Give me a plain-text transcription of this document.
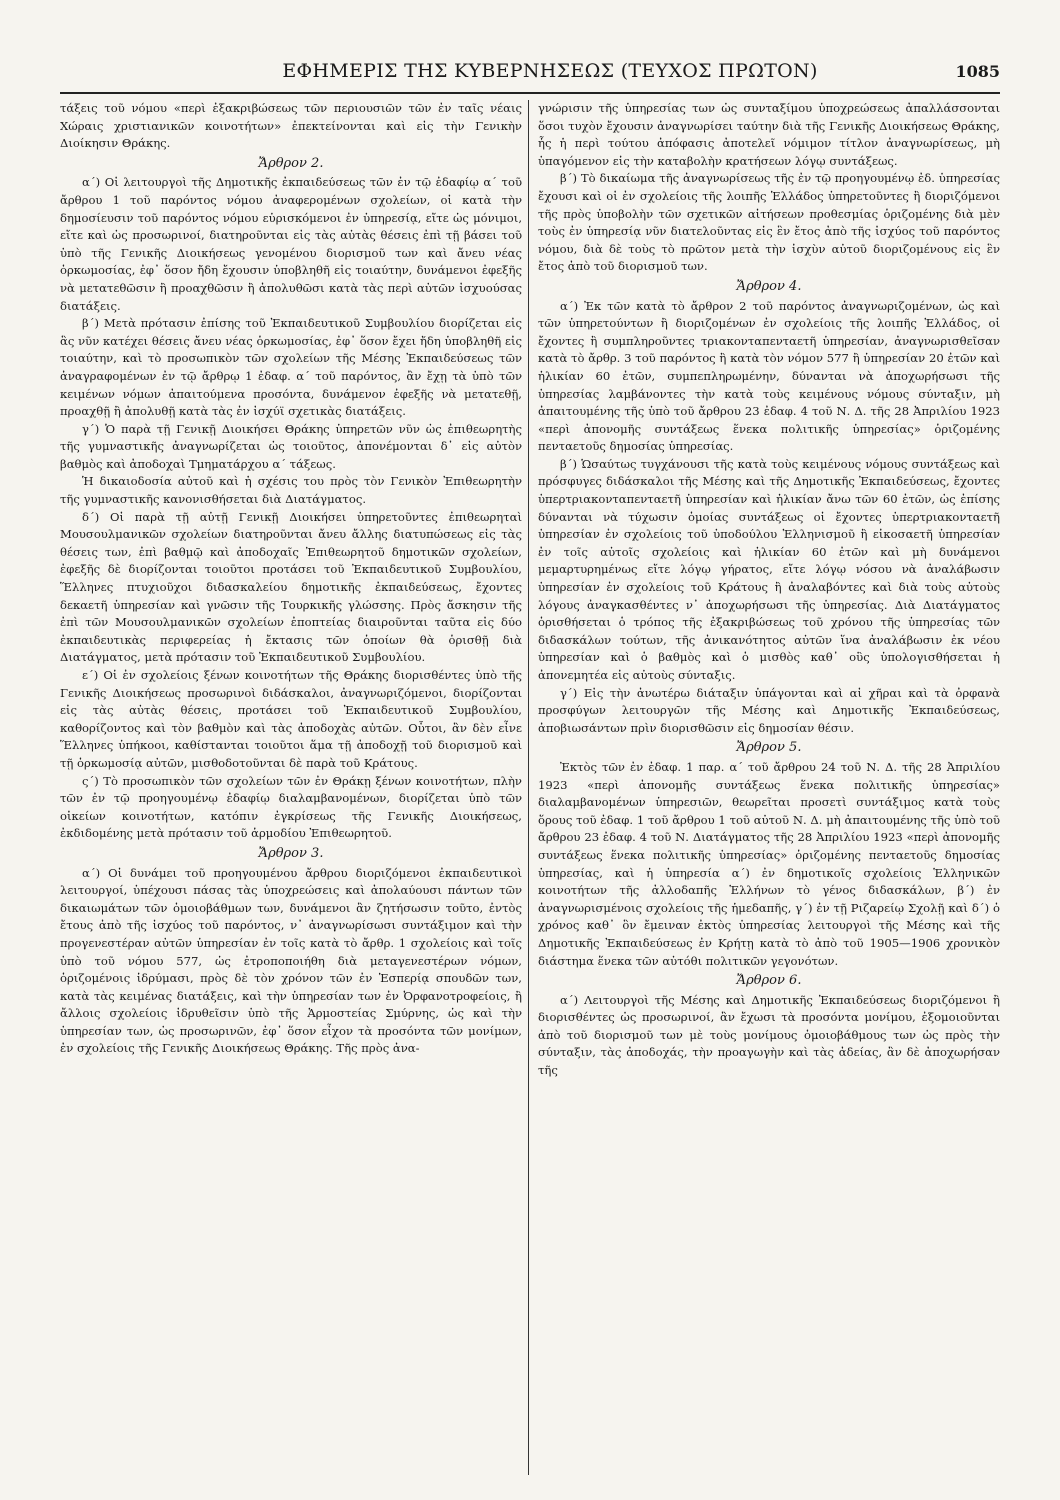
ΕΦΗΜΕΡΙΣ ΤΗΣ ΚΥΒΕΡΝΗΣΕΩΣ (ΤΕΥΧΟΣ ΠΡΩΤΟΝ)	1085

τάξεις τοῦ νόμου «περὶ ἐξακριβώσεως τῶν περιουσιῶν τῶν ἐν ταῖς νέαις Χώραις χριστιανικῶν κοινοτήτων» ἐπεκτείνονται καὶ εἰς τὴν Γενικὴν Διοίκησιν Θράκης.

Ἄρθρον 2.

α΄) Οἱ λειτουργοὶ τῆς Δημοτικῆς ἐκπαιδεύσεως τῶν ἐν τῷ ἐδαφίῳ α΄ τοῦ ἄρθρου 1 τοῦ παρόντος νόμου ἀναφερομένων σχολείων, οἱ κατὰ τὴν δημοσίευσιν τοῦ παρόντος νόμου εὑρισκόμενοι ἐν ὑπηρεσίᾳ, εἴτε ὡς μόνιμοι, εἴτε καὶ ὡς προσωρινοί, διατηροῦνται εἰς τὰς αὐτὰς θέσεις ἐπὶ τῇ βάσει τοῦ ὑπὸ τῆς Γενικῆς Διοικήσεως γενομένου διορισμοῦ των καὶ ἄνευ νέας ὁρκωμοσίας, ἐφ᾽ ὅσον ἤδη ἔχουσιν ὑποβληθῆ εἰς τοιαύτην, δυνάμενοι ἐφεξῆς νὰ μετατεθῶσιν ἢ προαχθῶσιν ἢ ἀπολυθῶσι κατὰ τὰς περὶ αὐτῶν ἰσχυούσας διατάξεις.

β΄) Μετὰ πρότασιν ἐπίσης τοῦ Ἐκπαιδευτικοῦ Συμβουλίου διορίζεται εἰς ἃς νῦν κατέχει θέσεις ἄνευ νέας ὁρκωμοσίας, ἐφ᾽ ὅσον ἔχει ἤδη ὑποβληθῆ εἰς τοιαύτην, καὶ τὸ προσωπικὸν τῶν σχολείων τῆς Μέσης Ἐκπαιδεύσεως τῶν ἀναγραφομένων ἐν τῷ ἄρθρῳ 1 ἐδαφ. α΄ τοῦ παρόντος, ἂν ἔχῃ τὰ ὑπὸ τῶν κειμένων νόμων ἀπαιτούμενα προσόντα, δυνάμενον ἐφεξῆς νὰ μετατεθῇ, προαχθῇ ἢ ἀπολυθῇ κατὰ τὰς ἐν ἰσχύϊ σχετικὰς διατάξεις.

γ΄) Ὁ παρὰ τῇ Γενικῇ Διοικήσει Θράκης ὑπηρετῶν νῦν ὡς ἐπιθεωρητὴς τῆς γυμναστικῆς ἀναγνωρίζεται ὡς τοιοῦτος, ἀπονέμονται δ᾽ εἰς αὐτὸν βαθμὸς καὶ ἀποδοχαὶ Τμηματάρχου α΄ τάξεως.

Ἡ δικαιοδοσία αὐτοῦ καὶ ἡ σχέσις του πρὸς τὸν Γενικὸν Ἐπιθεωρητὴν τῆς γυμναστικῆς κανονισθήσεται διὰ Διατάγματος.

δ΄) Οἱ παρὰ τῇ αὐτῇ Γενικῇ Διοικήσει ὑπηρετοῦντες ἐπιθεωρηταὶ Μουσουλμανικῶν σχολείων διατηροῦνται ἄνευ ἄλλης διατυπώσεως εἰς τὰς θέσεις των, ἐπὶ βαθμῷ καὶ ἀποδοχαῖς Ἐπιθεωρητοῦ δημοτικῶν σχολείων, ἐφεξῆς δὲ διορίζονται τοιοῦτοι προτάσει τοῦ Ἐκπαιδευτικοῦ Συμβουλίου, Ἕλληνες πτυχιοῦχοι διδασκαλείου δημοτικῆς ἐκπαιδεύσεως, ἔχοντες δεκαετῆ ὑπηρεσίαν καὶ γνῶσιν τῆς Τουρκικῆς γλώσσης. Πρὸς ἄσκησιν τῆς ἐπὶ τῶν Μουσουλμανικῶν σχολείων ἐποπτείας διαιροῦνται ταῦτα εἰς δύο ἐκπαιδευτικὰς περιφερείας ἡ ἔκτασις τῶν ὁποίων θὰ ὁρισθῇ διὰ Διατάγματος, μετὰ πρότασιν τοῦ Ἐκπαιδευτικοῦ Συμβουλίου.

ε΄) Οἱ ἐν σχολείοις ξένων κοινοτήτων τῆς Θράκης διορισθέντες ὑπὸ τῆς Γενικῆς Διοικήσεως προσωρινοὶ διδάσκαλοι, ἀναγνωριζόμενοι, διορίζονται εἰς τὰς αὐτὰς θέσεις, προτάσει τοῦ Ἐκπαιδευτικοῦ Συμβουλίου, καθορίζοντος καὶ τὸν βαθμὸν καὶ τὰς ἀποδοχὰς αὐτῶν. Οὗτοι, ἂν δὲν εἶνε Ἕλληνες ὑπήκοοι, καθίστανται τοιοῦτοι ἅμα τῇ ἀποδοχῇ τοῦ διορισμοῦ καὶ τῇ ὁρκωμοσίᾳ αὐτῶν, μισθοδοτοῦνται δὲ παρὰ τοῦ Κράτους.

ς΄) Τὸ προσωπικὸν τῶν σχολείων τῶν ἐν Θράκῃ ξένων κοινοτήτων, πλὴν τῶν ἐν τῷ προηγουμένῳ ἐδαφίῳ διαλαμβανομένων, διορίζεται ὑπὸ τῶν οἰκείων κοινοτήτων, κατόπιν ἐγκρίσεως τῆς Γενικῆς Διοικήσεως, ἐκδιδομένης μετὰ πρότασιν τοῦ ἁρμοδίου Ἐπιθεωρητοῦ.

Ἄρθρον 3.

α΄) Οἱ δυνάμει τοῦ προηγουμένου ἄρθρου διοριζόμενοι ἐκπαιδευτικοὶ λειτουργοί, ὑπέχουσι πάσας τὰς ὑποχρεώσεις καὶ ἀπολαύουσι πάντων τῶν δικαιωμάτων τῶν ὁμοιοβάθμων των, δυνάμενοι ἂν ζητήσωσιν τοῦτο, ἐντὸς ἔτους ἀπὸ τῆς ἰσχύος τοῦ παρόντος, ν᾽ ἀναγνωρίσωσι συντάξιμον καὶ τὴν προγενεστέραν αὐτῶν ὑπηρεσίαν ἐν τοῖς κατὰ τὸ ἄρθρ. 1 σχολείοις καὶ τοῖς ὑπὸ τοῦ νόμου 577, ὡς ἐτροποποιήθη διὰ μεταγενεστέρων νόμων, ὁριζομένοις ἱδρύμασι, πρὸς δὲ τὸν χρόνον τῶν ἐν Ἑσπερίᾳ σπουδῶν των, κατὰ τὰς κειμένας διατάξεις, καὶ τὴν ὑπηρεσίαν των ἐν Ὀρφανοτροφείοις, ἢ ἄλλοις σχολείοις ἱδρυθεῖσιν ὑπὸ τῆς Ἁρμοστείας Σμύρνης, ὡς καὶ τὴν ὑπηρεσίαν των, ὡς προσωρινῶν, ἐφ᾽ ὅσον εἶχον τὰ προσόντα τῶν μονίμων, ἐν σχολείοις τῆς Γενικῆς Διοικήσεως Θράκης. Τῆς πρὸς ἀνα-

γνώρισιν τῆς ὑπηρεσίας των ὡς συνταξίμου ὑποχρεώσεως ἀπαλλάσσονται ὅσοι τυχὸν ἔχουσιν ἀναγνωρίσει ταύτην διὰ τῆς Γενικῆς Διοικήσεως Θράκης, ἧς ἡ περὶ τούτου ἀπόφασις ἀποτελεῖ νόμιμον τίτλον ἀναγνωρίσεως, μὴ ὑπαγόμενον εἰς τὴν καταβολὴν κρατήσεων λόγῳ συντάξεως.

β΄) Τὸ δικαίωμα τῆς ἀναγνωρίσεως τῆς ἐν τῷ προηγουμένῳ ἐδ. ὑπηρεσίας ἔχουσι καὶ οἱ ἐν σχολείοις τῆς λοιπῆς Ἑλλάδος ὑπηρετοῦντες ἢ διοριζόμενοι τῆς πρὸς ὑποβολὴν τῶν σχετικῶν αἰτήσεων προθεσμίας ὁριζομένης διὰ μὲν τοὺς ἐν ὑπηρεσίᾳ νῦν διατελοῦντας εἰς ἓν ἔτος ἀπὸ τῆς ἰσχύος τοῦ παρόντος νόμου, διὰ δὲ τοὺς τὸ πρῶτον μετὰ τὴν ἰσχὺν αὐτοῦ διοριζομένους εἰς ἓν ἔτος ἀπὸ τοῦ διορισμοῦ των.

Ἄρθρον 4.

α΄) Ἐκ τῶν κατὰ τὸ ἄρθρον 2 τοῦ παρόντος ἀναγνωριζομένων, ὡς καὶ τῶν ὑπηρετούντων ἢ διοριζομένων ἐν σχολείοις τῆς λοιπῆς Ἑλλάδος, οἱ ἔχοντες ἢ συμπληροῦντες τριακονταπενταετῆ ὑπηρεσίαν, ἀναγνωρισθεῖσαν κατὰ τὸ ἄρθρ. 3 τοῦ παρόντος ἢ κατὰ τὸν νόμον 577 ἢ ὑπηρεσίαν 20 ἐτῶν καὶ ἡλικίαν 60 ἐτῶν, συμπεπληρωμένην, δύνανται νὰ ἀποχωρήσωσι τῆς ὑπηρεσίας λαμβάνοντες τὴν κατὰ τοὺς κειμένους νόμους σύνταξιν, μὴ ἀπαιτουμένης τῆς ὑπὸ τοῦ ἄρθρου 23 ἐδαφ. 4 τοῦ Ν. Δ. τῆς 28 Ἀπριλίου 1923 «περὶ ἀπονομῆς συντάξεως ἕνεκα πολιτικῆς ὑπηρεσίας» ὁριζομένης πενταετοῦς δημοσίας ὑπηρεσίας.

β΄) Ὡσαύτως τυγχάνουσι τῆς κατὰ τοὺς κειμένους νόμους συντάξεως καὶ πρόσφυγες διδάσκαλοι τῆς Μέσης καὶ τῆς Δημοτικῆς Ἐκπαιδεύσεως, ἔχοντες ὑπερτριακονταπενταετῆ ὑπηρεσίαν καὶ ἡλικίαν ἄνω τῶν 60 ἐτῶν, ὡς ἐπίσης δύνανται νὰ τύχωσιν ὁμοίας συντάξεως οἱ ἔχοντες ὑπερτριακονταετῆ ὑπηρεσίαν ἐν σχολείοις τοῦ ὑποδούλου Ἑλληνισμοῦ ἢ εἰκοσαετῆ ὑπηρεσίαν ἐν τοῖς αὐτοῖς σχολείοις καὶ ἡλικίαν 60 ἐτῶν καὶ μὴ δυνάμενοι μεμαρτυρημένως εἴτε λόγῳ γήρατος, εἴτε λόγῳ νόσου νὰ ἀναλάβωσιν ὑπηρεσίαν ἐν σχολείοις τοῦ Κράτους ἢ ἀναλαβόντες καὶ διὰ τοὺς αὐτοὺς λόγους ἀναγκασθέντες ν᾽ ἀποχωρήσωσι τῆς ὑπηρεσίας. Διὰ Διατάγματος ὁρισθήσεται ὁ τρόπος τῆς ἐξακριβώσεως τοῦ χρόνου τῆς ὑπηρεσίας τῶν διδασκάλων τούτων, τῆς ἀνικανότητος αὐτῶν ἵνα ἀναλάβωσιν ἐκ νέου ὑπηρεσίαν καὶ ὁ βαθμὸς καὶ ὁ μισθὸς καθ᾽ οὓς ὑπολογισθήσεται ἡ ἀπονεμητέα εἰς αὐτοὺς σύνταξις.

γ΄) Εἰς τὴν ἀνωτέρω διάταξιν ὑπάγονται καὶ αἱ χῆραι καὶ τὰ ὀρφανὰ προσφύγων λειτουργῶν τῆς Μέσης καὶ Δημοτικῆς Ἐκπαιδεύσεως, ἀποβιωσάντων πρὶν διορισθῶσιν εἰς δημοσίαν θέσιν.

Ἄρθρον 5.

Ἐκτὸς τῶν ἐν ἐδαφ. 1 παρ. α΄ τοῦ ἄρθρου 24 τοῦ Ν. Δ. τῆς 28 Ἀπριλίου 1923 «περὶ ἀπονομῆς συντάξεως ἕνεκα πολιτικῆς ὑπηρεσίας» διαλαμβανομένων ὑπηρεσιῶν, θεωρεῖται προσετὶ συντάξιμος κατὰ τοὺς ὅρους τοῦ ἐδαφ. 1 τοῦ ἄρθρου 1 τοῦ αὐτοῦ Ν. Δ. μὴ ἀπαιτουμένης τῆς ὑπὸ τοῦ ἄρθρου 23 ἐδαφ. 4 τοῦ Ν. Διατάγματος τῆς 28 Ἀπριλίου 1923 «περὶ ἀπονομῆς συντάξεως ἕνεκα πολιτικῆς ὑπηρεσίας» ὁριζομένης πενταετοῦς δημοσίας ὑπηρεσίας, καὶ ἡ ὑπηρεσία α΄) ἐν δημοτικοῖς σχολείοις Ἑλληνικῶν κοινοτήτων τῆς ἀλλοδαπῆς Ἑλλήνων τὸ γένος διδασκάλων, β΄) ἐν ἀναγνωρισμένοις σχολείοις τῆς ἡμεδαπῆς, γ΄) ἐν τῇ Ριζαρείῳ Σχολῇ καὶ δ΄) ὁ χρόνος καθ᾽ ὃν ἔμειναν ἐκτὸς ὑπηρεσίας λειτουργοὶ τῆς Μέσης καὶ τῆς Δημοτικῆς Ἐκπαιδεύσεως ἐν Κρήτῃ κατὰ τὸ ἀπὸ τοῦ 1905—1906 χρονικὸν διάστημα ἕνεκα τῶν αὐτόθι πολιτικῶν γεγονότων.

Ἄρθρον 6.

α΄) Λειτουργοὶ τῆς Μέσης καὶ Δημοτικῆς Ἐκπαιδεύσεως διοριζόμενοι ἢ διορισθέντες ὡς προσωρινοί, ἂν ἔχωσι τὰ προσόντα μονίμου, ἐξομοιοῦνται ἀπὸ τοῦ διορισμοῦ των μὲ τοὺς μονίμους ὁμοιοβάθμους των ὡς πρὸς τὴν σύνταξιν, τὰς ἀποδοχάς, τὴν προαγωγὴν καὶ τὰς ἀδείας, ἂν δὲ ἀποχωρήσαν τῆς
